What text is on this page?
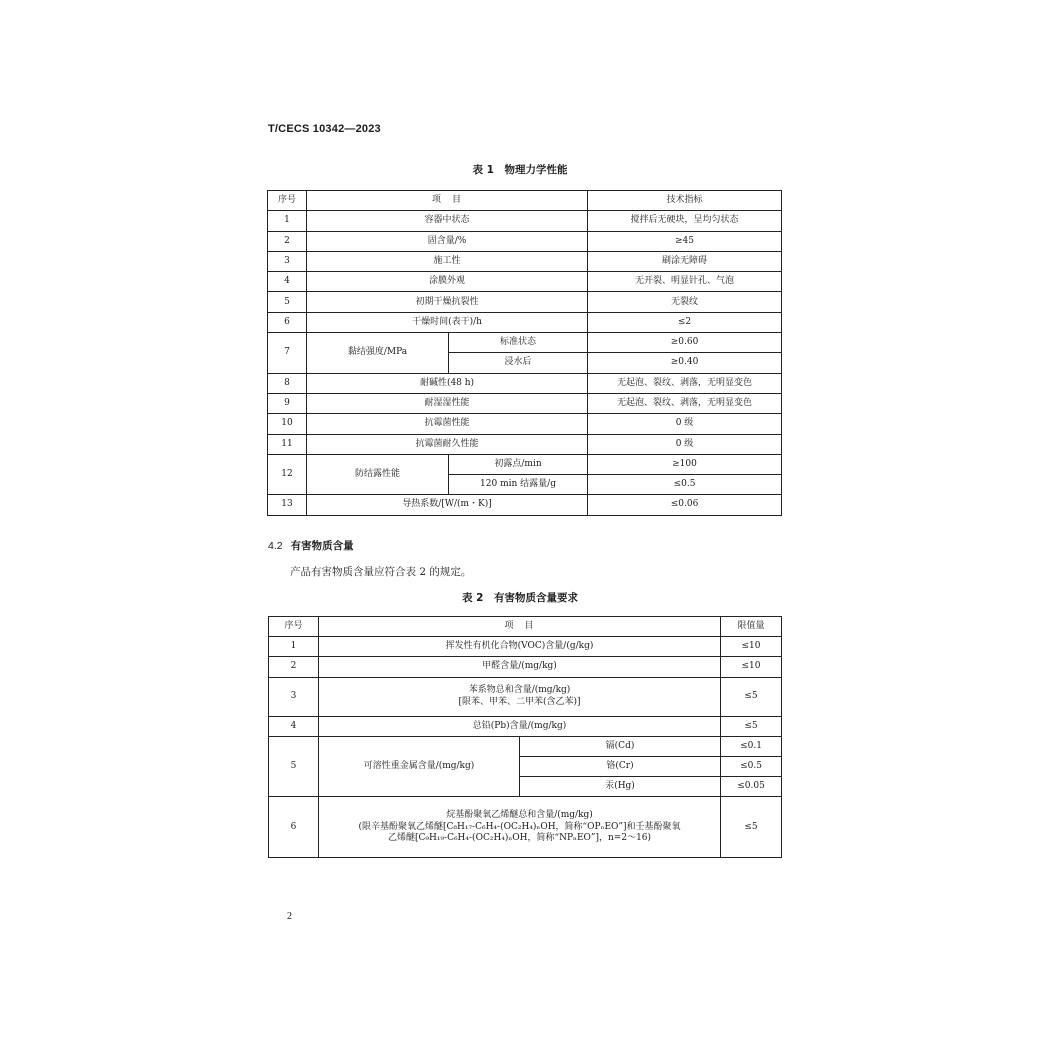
T/CECS 10342—2023
表 1　物理力学性能
序号	项　目		技术指标
1	容器中状态		搅拌后无硬块，呈均匀状态
2	固含量/%		≥45
3	施工性		刷涂无障碍
4	涂膜外观		无开裂、明显针孔、气泡
5	初期干燥抗裂性		无裂纹
6	干燥时间(表干)/h		≤2
7	黏结强度/MPa	标准状态	≥0.60
		浸水后	≥0.40
8	耐碱性(48 h)		无起泡、裂纹、剥落，无明显变色
9	耐湿湿性能		无起泡、裂纹、剥落，无明显变色
10	抗霉菌性能		0 级
11	抗霉菌耐久性能		0 级
12	防结露性能	初露点/min	≥100
		120 min 结露量/g	≤0.5
13	导热系数/[W/(m・K)]		≤0.06
4.2 有害物质含量
产品有害物质含量应符合表 2 的规定。
表 2　有害物质含量要求
序号	项　目		限值量
1	挥发性有机化合物(VOC)含量/(g/kg)		≤10
2	甲醛含量/(mg/kg)		≤10
3	苯系物总和含量/(mg/kg)
[限苯、甲苯、二甲苯(含乙苯)]		≤5
4	总铅(Pb)含量/(mg/kg)		≤5
5	可溶性重金属含量/(mg/kg)	镉(Cd)	≤0.1
		铬(Cr)	≤0.5
		汞(Hg)	≤0.05
6	烷基酚聚氧乙烯醚总和含量/(mg/kg)
(限辛基酚聚氧乙烯醚[C₈H₁₇-C₆H₄-(OC₂H₄)ₙOH，简称“OPₙEO”]和壬基酚聚氧
乙烯醚[C₉H₁₉-C₆H₄-(OC₂H₄)ₙOH，简称“NPₙEO”]，n=2～16)		≤5
2
